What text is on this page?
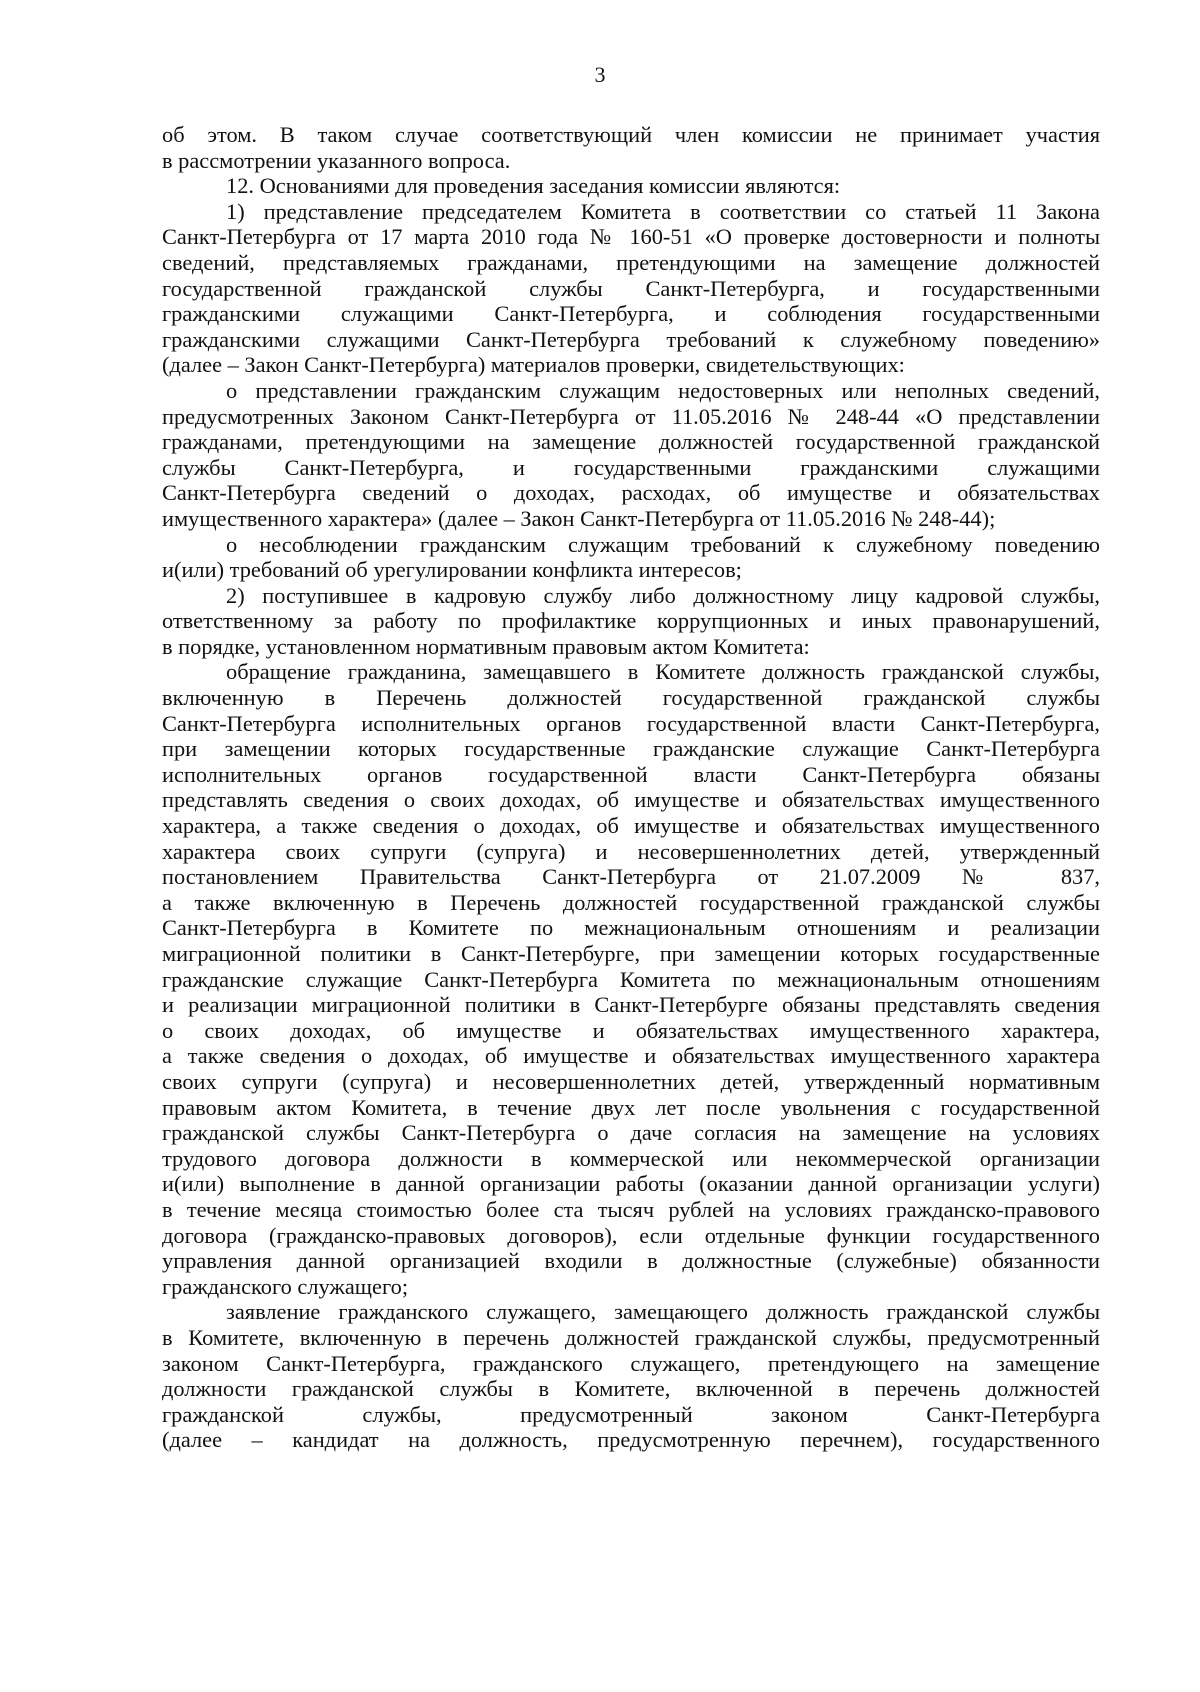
3
об этом. В таком случае соответствующий член комиссии не принимает участия
в рассмотрении указанного вопроса.
12. Основаниями для проведения заседания комиссии являются:
1) представление председателем Комитета в соответствии со статьей 11 Закона
Санкт-Петербурга от 17 марта 2010 года № 160-51 «О проверке достоверности и полноты
сведений, представляемых гражданами, претендующими на замещение должностей
государственной гражданской службы Санкт-Петербурга, и государственными
гражданскими служащими Санкт-Петербурга, и соблюдения государственными
гражданскими служащими Санкт-Петербурга требований к служебному поведению»
(далее – Закон Санкт-Петербурга) материалов проверки, свидетельствующих:
о представлении гражданским служащим недостоверных или неполных сведений,
предусмотренных Законом Санкт-Петербурга от 11.05.2016 № 248-44 «О представлении
гражданами, претендующими на замещение должностей государственной гражданской
службы Санкт-Петербурга, и государственными гражданскими служащими
Санкт-Петербурга сведений о доходах, расходах, об имуществе и обязательствах
имущественного характера» (далее – Закон Санкт-Петербурга от 11.05.2016 № 248-44);
о несоблюдении гражданским служащим требований к служебному поведению
и(или) требований об урегулировании конфликта интересов;
2) поступившее в кадровую службу либо должностному лицу кадровой службы,
ответственному за работу по профилактике коррупционных и иных правонарушений,
в порядке, установленном нормативным правовым актом Комитета:
обращение гражданина, замещавшего в Комитете должность гражданской службы,
включенную в Перечень должностей государственной гражданской службы
Санкт-Петербурга исполнительных органов государственной власти Санкт-Петербурга,
при замещении которых государственные гражданские служащие Санкт-Петербурга
исполнительных органов государственной власти Санкт-Петербурга обязаны
представлять сведения о своих доходах, об имуществе и обязательствах имущественного
характера, а также сведения о доходах, об имуществе и обязательствах имущественного
характера своих супруги (супруга) и несовершеннолетних детей, утвержденный
постановлением Правительства Санкт-Петербурга от 21.07.2009 № 837,
а также включенную в Перечень должностей государственной гражданской службы
Санкт-Петербурга в Комитете по межнациональным отношениям и реализации
миграционной политики в Санкт-Петербурге, при замещении которых государственные
гражданские служащие Санкт-Петербурга Комитета по межнациональным отношениям
и реализации миграционной политики в Санкт-Петербурге обязаны представлять сведения
о своих доходах, об имуществе и обязательствах имущественного характера,
а также сведения о доходах, об имуществе и обязательствах имущественного характера
своих супруги (супруга) и несовершеннолетних детей, утвержденный нормативным
правовым актом Комитета, в течение двух лет после увольнения с государственной
гражданской службы Санкт-Петербурга о даче согласия на замещение на условиях
трудового договора должности в коммерческой или некоммерческой организации
и(или) выполнение в данной организации работы (оказании данной организации услуги)
в течение месяца стоимостью более ста тысяч рублей на условиях гражданско-правового
договора (гражданско-правовых договоров), если отдельные функции государственного
управления данной организацией входили в должностные (служебные) обязанности
гражданского служащего;
заявление гражданского служащего, замещающего должность гражданской службы
в Комитете, включенную в перечень должностей гражданской службы, предусмотренный
законом Санкт-Петербурга, гражданского служащего, претендующего на замещение
должности гражданской службы в Комитете, включенной в перечень должностей
гражданской службы, предусмотренный законом Санкт-Петербурга
(далее – кандидат на должность, предусмотренную перечнем), государственного
